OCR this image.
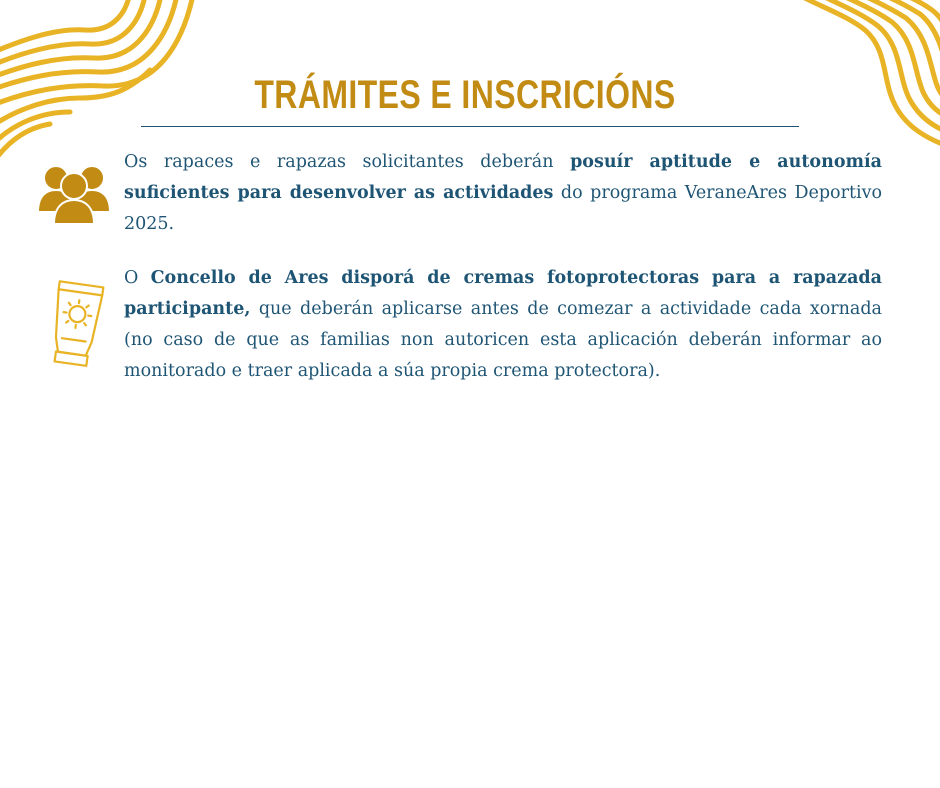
TRÁMITES E INSCRICIÓNS

Os rapaces e rapazas solicitantes deberán posuír aptitude e autonomía suficientes para desenvolver as actividades do programa VeraneAres Deportivo 2025.

O Concello de Ares disporá de cremas fotoprotectoras para a rapazada participante, que deberán aplicarse antes de comezar a actividade cada xornada (no caso de que as familias non autoricen esta aplicación deberán informar ao monitorado e traer aplicada a súa propia crema protectora).
